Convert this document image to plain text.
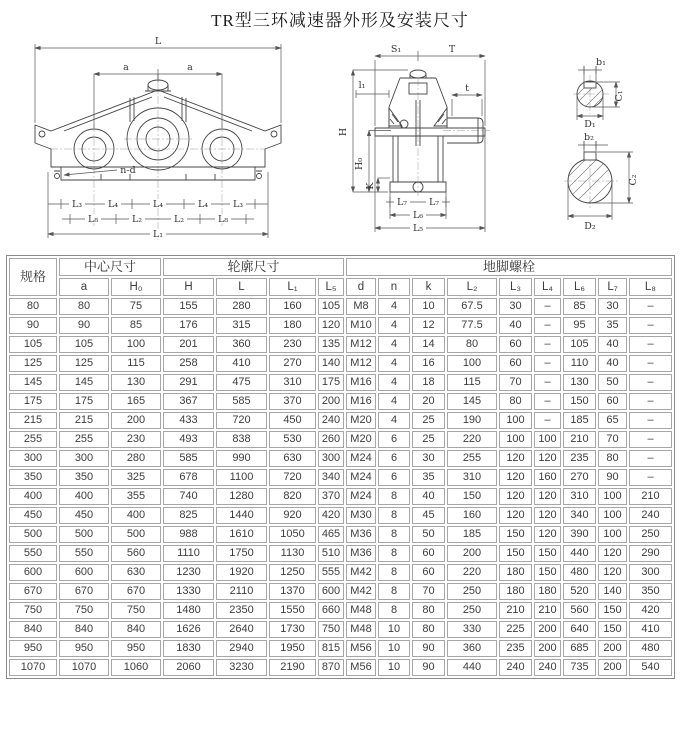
TR型三环减速器外形及安装尺寸
L
a	a
n-d
L₃	L₄	L₄	L₄	L₃
L₈	L₂	L₂	L₈
L₁
S₁	T
l₁	t
H
H₀
K
L₇ L₇
L₆
L₅
b₁
C₁
D₁
b₂
C₂
D₂
规格	中心尺寸		轮廓尺寸				地脚螺栓								
	a	H₀	H	L	L₁	L₅	d	n	k	L₂	L₃	L₄	L₆	L₇	L₈
80	80	75	155	280	160	105	M8	4	10	67.5	30	–	85	30	–
90	90	85	176	315	180	120	M10	4	12	77.5	40	–	95	35	–
105	105	100	201	360	230	135	M12	4	14	80	60	–	105	40	–
125	125	115	258	410	270	140	M12	4	16	100	60	–	110	40	–
145	145	130	291	475	310	175	M16	4	18	115	70	–	130	50	–
175	175	165	367	585	370	200	M16	4	20	145	80	–	150	60	–
215	215	200	433	720	450	240	M20	4	25	190	100	–	185	65	–
255	255	230	493	838	530	260	M20	6	25	220	100	100	210	70	–
300	300	280	585	990	630	300	M24	6	30	255	120	120	235	80	–
350	350	325	678	1100	720	340	M24	6	35	310	120	160	270	90	–
400	400	355	740	1280	820	370	M24	8	40	150	120	120	310	100	210
450	450	400	825	1440	920	420	M30	8	45	160	120	120	340	100	240
500	500	500	988	1610	1050	465	M36	8	50	185	150	120	390	100	250
550	550	560	1110	1750	1130	510	M36	8	60	200	150	150	440	120	290
600	600	630	1230	1920	1250	555	M42	8	60	220	180	150	480	120	300
670	670	670	1330	2110	1370	600	M42	8	70	250	180	180	520	140	350
750	750	750	1480	2350	1550	660	M48	8	80	250	210	210	560	150	420
840	840	840	1626	2640	1730	750	M48	10	80	330	225	200	640	150	410
950	950	950	1830	2940	1950	815	M56	10	90	360	235	200	685	200	480
1070	1070	1060	2060	3230	2190	870	M56	10	90	440	240	240	735	200	540
